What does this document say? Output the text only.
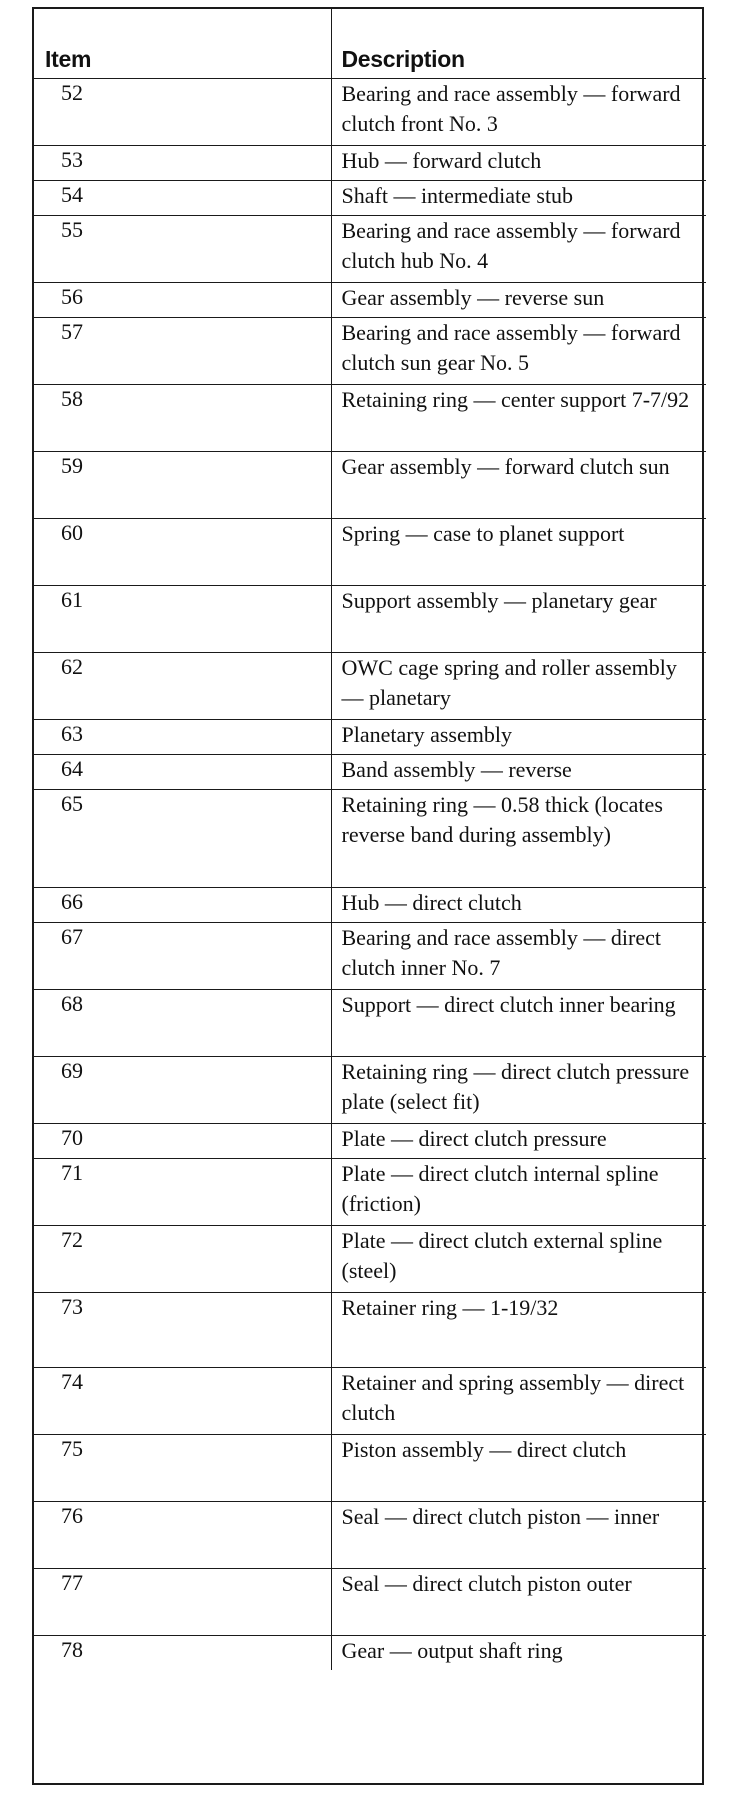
Item	Description
52	Bearing and race assembly — forward clutch front No. 3
53	Hub — forward clutch
54	Shaft — intermediate stub
55	Bearing and race assembly — forward clutch hub No. 4
56	Gear assembly — reverse sun
57	Bearing and race assembly — forward clutch sun gear No. 5
58	Retaining ring — center support 7-7/92
59	Gear assembly — forward clutch sun
60	Spring — case to planet support
61	Support assembly — planetary gear
62	OWC cage spring and roller assembly — planetary
63	Planetary assembly
64	Band assembly — reverse
65	Retaining ring — 0.58 thick (locates reverse band during assembly)
66	Hub — direct clutch
67	Bearing and race assembly — direct clutch inner No. 7
68	Support — direct clutch inner bearing
69	Retaining ring — direct clutch pressure plate (select fit)
70	Plate — direct clutch pressure
71	Plate — direct clutch internal spline (friction)
72	Plate — direct clutch external spline (steel)
73	Retainer ring — 1-19/32
74	Retainer and spring assembly — direct clutch
75	Piston assembly — direct clutch
76	Seal — direct clutch piston — inner
77	Seal — direct clutch piston outer
78	Gear — output shaft ring
